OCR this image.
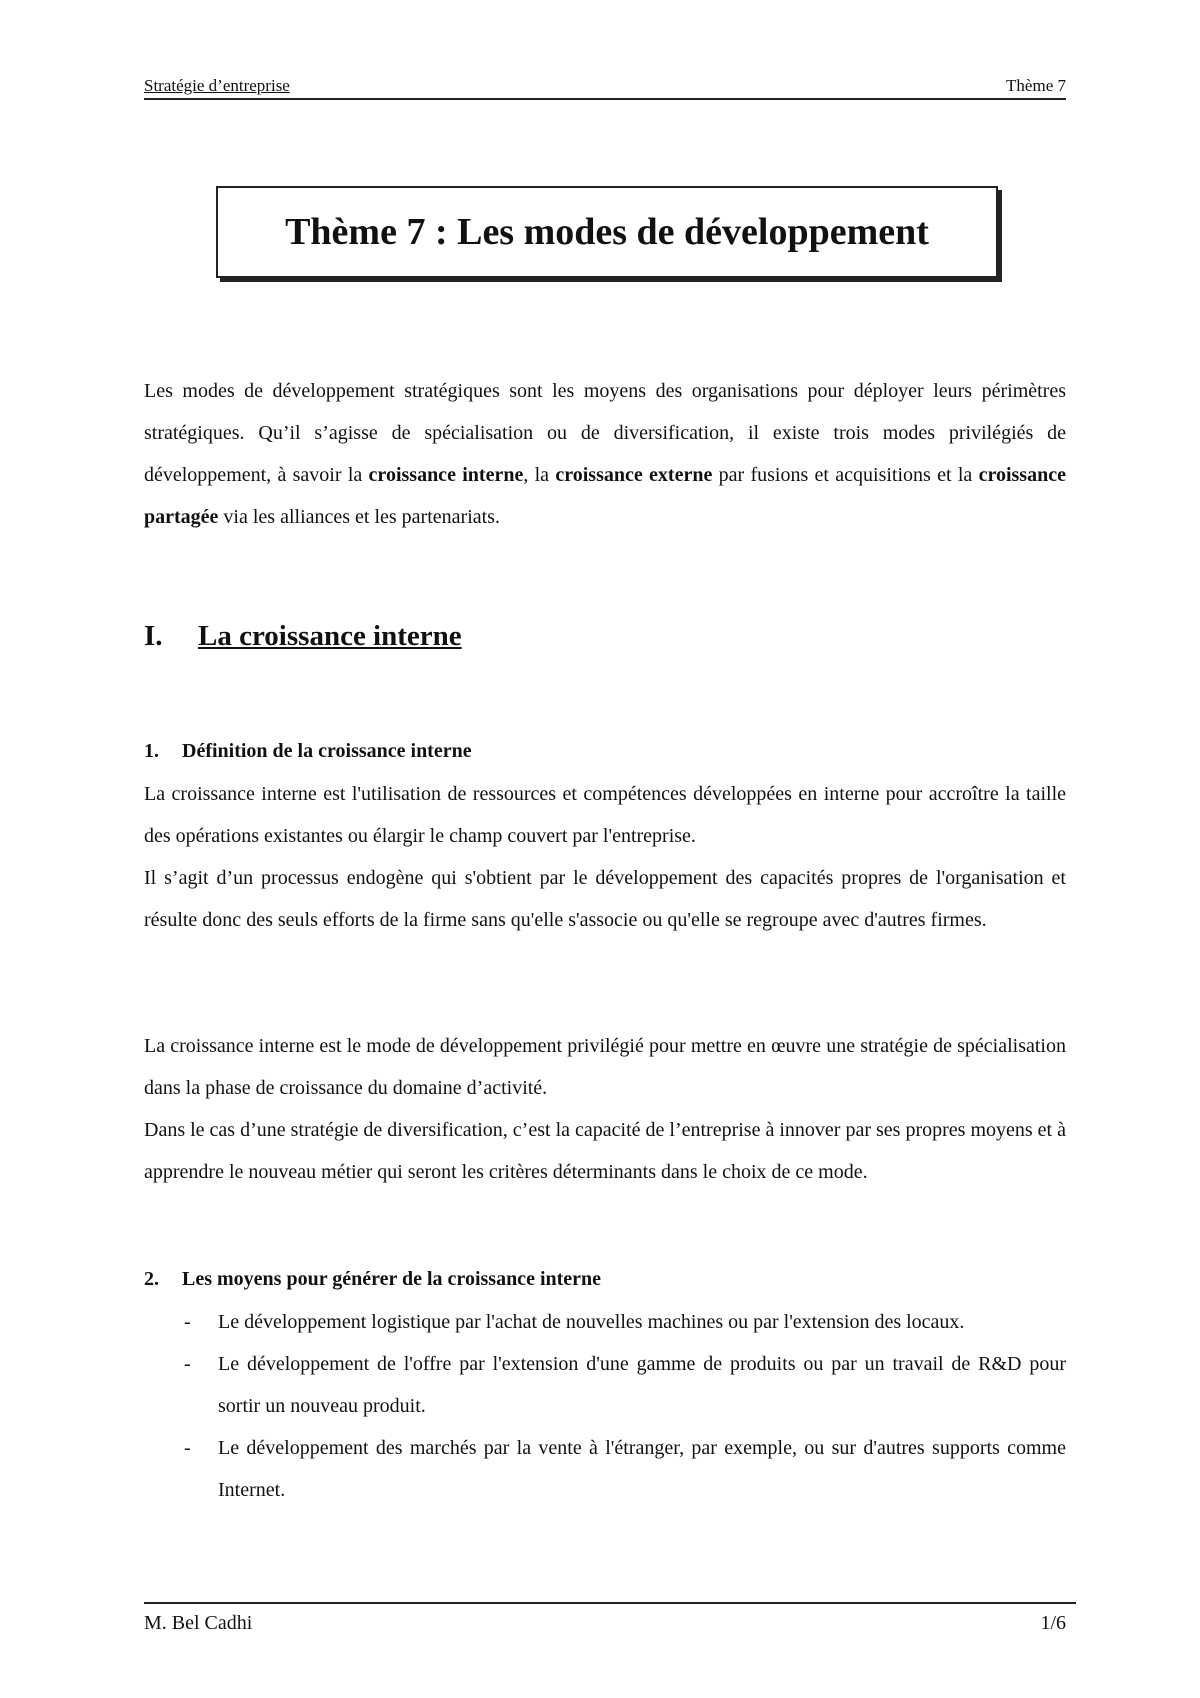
Stratégie d’entreprise	Thème 7
Thème 7 : Les modes de développement

Les modes de développement stratégiques sont les moyens des organisations pour déployer leurs périmètres stratégiques. Qu’il s’agisse de spécialisation ou de diversification, il existe trois modes privilégiés de développement, à savoir la croissance interne, la croissance externe par fusions et acquisitions et la croissance partagée via les alliances et les partenariats.

I. La croissance interne
1. Définition de la croissance interne
La croissance interne est l'utilisation de ressources et compétences développées en interne pour accroître la taille des opérations existantes ou élargir le champ couvert par l'entreprise.
Il s’agit d’un processus endogène qui s'obtient par le développement des capacités propres de l'organisation et résulte donc des seuls efforts de la firme sans qu'elle s'associe ou qu'elle se regroupe avec d'autres firmes.
La croissance interne est le mode de développement privilégié pour mettre en œuvre une stratégie de spécialisation dans la phase de croissance du domaine d’activité.
Dans le cas d’une stratégie de diversification, c’est la capacité de l’entreprise à innover par ses propres moyens et à apprendre le nouveau métier qui seront les critères déterminants dans le choix de ce mode.
2. Les moyens pour générer de la croissance interne
- Le développement logistique par l'achat de nouvelles machines ou par l'extension des locaux.
- Le développement de l'offre par l'extension d'une gamme de produits ou par un travail de R&D pour sortir un nouveau produit.
- Le développement des marchés par la vente à l'étranger, par exemple, ou sur d'autres supports comme Internet.
M. Bel Cadhi	1/6
